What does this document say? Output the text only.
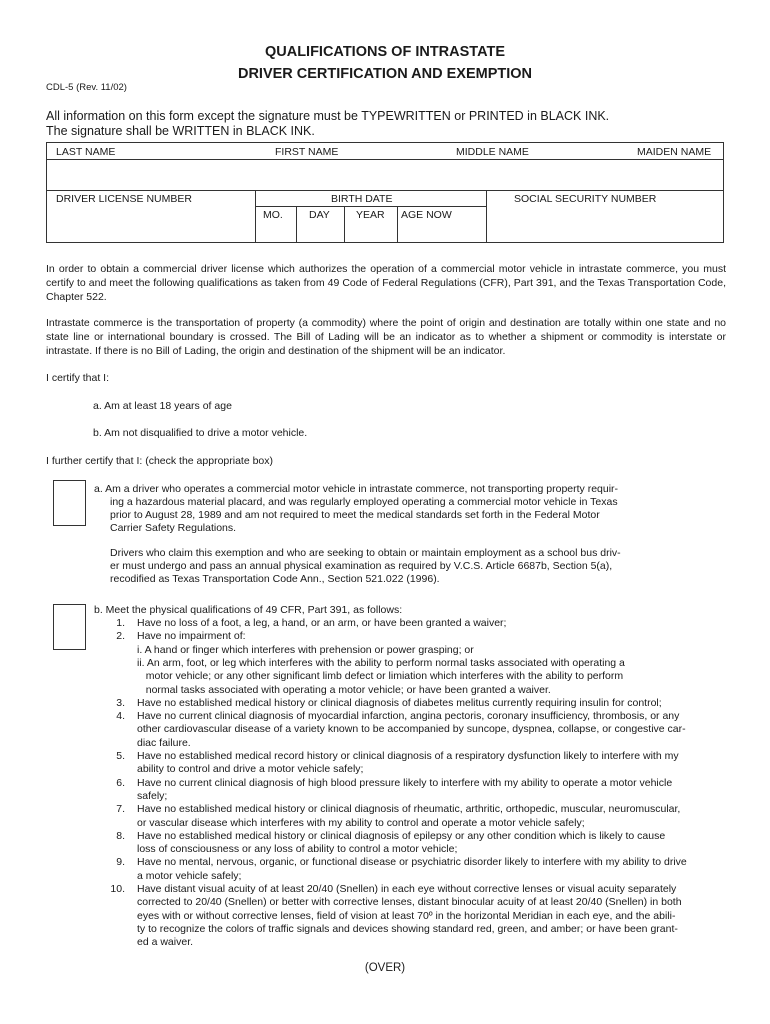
QUALIFICATIONS OF INTRASTATE
DRIVER CERTIFICATION AND EXEMPTION
CDL-5 (Rev. 11/02)
All information on this form except the signature must be TYPEWRITTEN or PRINTED in BLACK INK.
The signature shall be WRITTEN in BLACK INK.
LAST NAME	FIRST NAME	MIDDLE NAME	MAIDEN NAME
DRIVER LICENSE NUMBER	BIRTH DATE	SOCIAL SECURITY NUMBER
MO. DAY YEAR AGE NOW

In order to obtain a commercial driver license which authorizes the operation of a commercial motor vehicle in intrastate commerce, you must certify to and meet the following qualifications as taken from 49 Code of Federal Regulations (CFR), Part 391, and the Texas Transportation Code, Chapter 522.

Intrastate commerce is the transportation of property (a commodity) where the point of origin and destination are totally within one state and no state line or international boundary is crossed. The Bill of Lading will be an indicator as to whether a shipment or commodity is interstate or intrastate. If there is no Bill of Lading, the origin and destination of the shipment will be an indicator.

I certify that I:

a. Am at least 18 years of age

b. Am not disqualified to drive a motor vehicle.

I further certify that I: (check the appropriate box)

a. Am a driver who operates a commercial motor vehicle in intrastate commerce, not transporting property requir-

ing a hazardous material placard, and was regularly employed operating a commercial motor vehicle in Texas

prior to August 28, 1989 and am not required to meet the medical standards set forth in the Federal Motor

Carrier Safety Regulations.

Drivers who claim this exemption and who are seeking to obtain or maintain employment as a school bus driv-

er must undergo and pass an annual physical examination as required by V.C.S. Article 6687b, Section 5(a),

recodified as Texas Transportation Code Ann., Section 521.022 (1996).

b. Meet the physical qualifications of 49 CFR, Part 391, as follows:

1. Have no loss of a foot, a leg, a hand, or an arm, or have been granted a waiver;
2. Have no impairment of:
i. A hand or finger which interferes with prehension or power grasping; or
ii. An arm, foot, or leg which interferes with the ability to perform normal tasks associated with operating a
motor vehicle; or any other significant limb defect or limiation which interferes with the ability to perform
normal tasks associated with operating a motor vehicle; or have been granted a waiver.
3. Have no established medical history or clinical diagnosis of diabetes melitus currently requiring insulin for control;
4. Have no current clinical diagnosis of myocardial infarction, angina pectoris, coronary insufficiency, thrombosis, or any
other cardiovascular disease of a variety known to be accompanied by suncope, dyspnea, collapse, or congestive car-
diac failure.
5. Have no established medical record history or clinical diagnosis of a respiratory dysfunction likely to interfere with my
ability to control and drive a motor vehicle safely;
6. Have no current clinical diagnosis of high blood pressure likely to interfere with my ability to operate a motor vehicle
safely;
7. Have no established medical history or clinical diagnosis of rheumatic, arthritic, orthopedic, muscular, neuromuscular,
or vascular disease which interferes with my ability to control and operate a motor vehicle safely;
8. Have no established medical history or clinical diagnosis of epilepsy or any other condition which is likely to cause
loss of consciousness or any loss of ability to control a motor vehicle;
9. Have no mental, nervous, organic, or functional disease or psychiatric disorder likely to interfere with my ability to drive
a motor vehicle safely;
10. Have distant visual acuity of at least 20/40 (Snellen) in each eye without corrective lenses or visual acuity separately
corrected to 20/40 (Snellen) or better with corrective lenses, distant binocular acuity of at least 20/40 (Snellen) in both
eyes with or without corrective lenses, field of vision at least 70º in the horizontal Meridian in each eye, and the abili-
ty to recognize the colors of traffic signals and devices showing standard red, green, and amber; or have been grant-
ed a waiver.
(OVER)
